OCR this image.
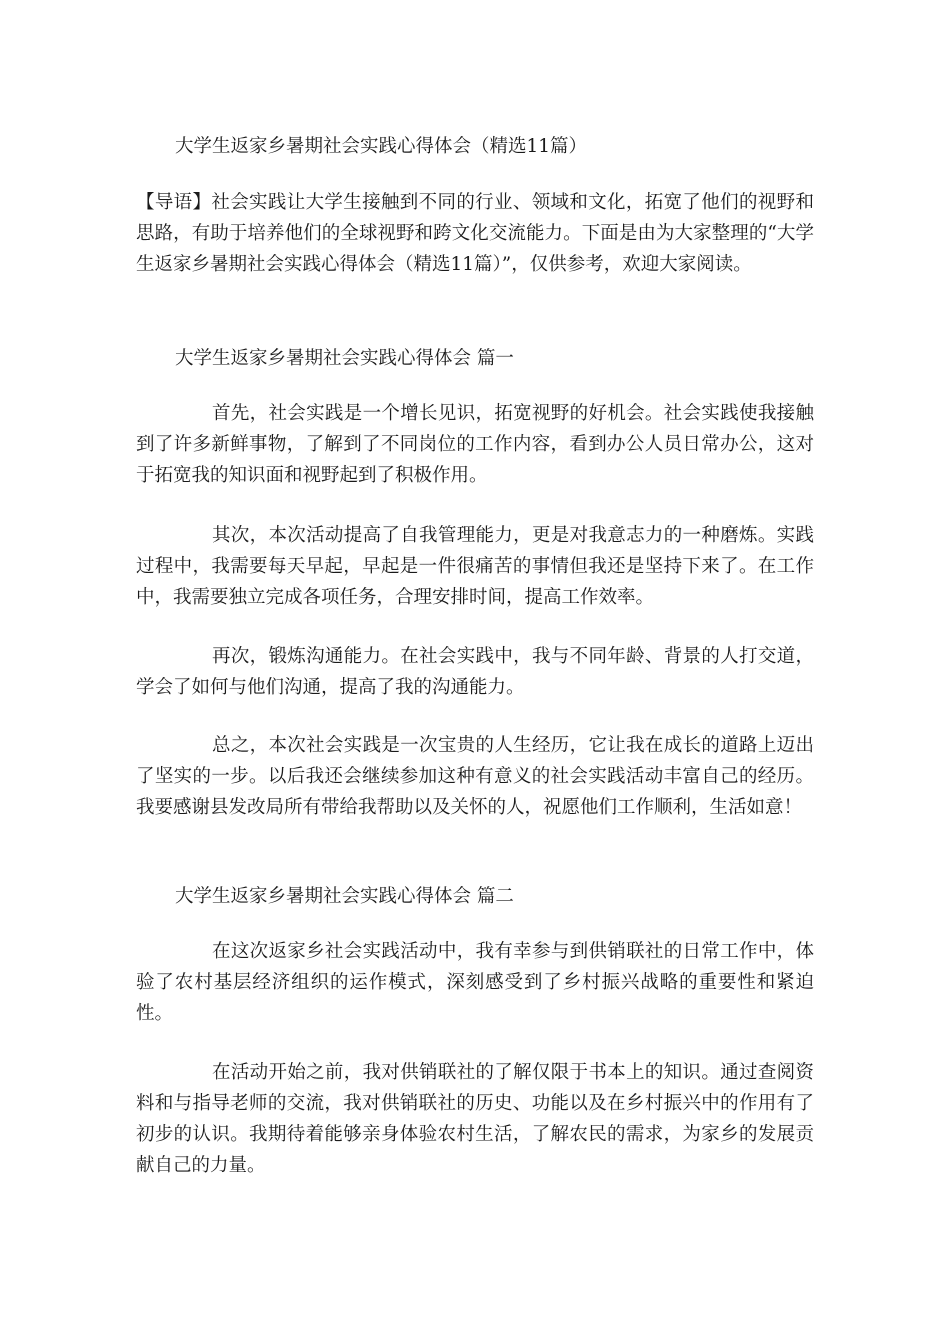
大学生返家乡暑期社会实践心得体会（精选11篇）

【导语】社会实践让大学生接触到不同的行业、领域和文化，拓宽了他们的视野和思路，有助于培养他们的全球视野和跨文化交流能力。下面是由为大家整理的“大学生返家乡暑期社会实践心得体会（精选11篇）”，仅供参考，欢迎大家阅读。

大学生返家乡暑期社会实践心得体会 篇一

首先，社会实践是一个增长见识，拓宽视野的好机会。社会实践使我接触到了许多新鲜事物，了解到了不同岗位的工作内容，看到办公人员日常办公，这对于拓宽我的知识面和视野起到了积极作用。

其次，本次活动提高了自我管理能力，更是对我意志力的一种磨炼。实践过程中，我需要每天早起，早起是一件很痛苦的事情但我还是坚持下来了。在工作中，我需要独立完成各项任务，合理安排时间，提高工作效率。

再次，锻炼沟通能力。在社会实践中，我与不同年龄、背景的人打交道，学会了如何与他们沟通，提高了我的沟通能力。

总之，本次社会实践是一次宝贵的人生经历，它让我在成长的道路上迈出了坚实的一步。以后我还会继续参加这种有意义的社会实践活动丰富自己的经历。我要感谢县发改局所有带给我帮助以及关怀的人，祝愿他们工作顺利，生活如意！

大学生返家乡暑期社会实践心得体会 篇二

在这次返家乡社会实践活动中，我有幸参与到供销联社的日常工作中，体验了农村基层经济组织的运作模式，深刻感受到了乡村振兴战略的重要性和紧迫性。

在活动开始之前，我对供销联社的了解仅限于书本上的知识。通过查阅资料和与指导老师的交流，我对供销联社的历史、功能以及在乡村振兴中的作用有了初步的认识。我期待着能够亲身体验农村生活，了解农民的需求，为家乡的发展贡献自己的力量。
